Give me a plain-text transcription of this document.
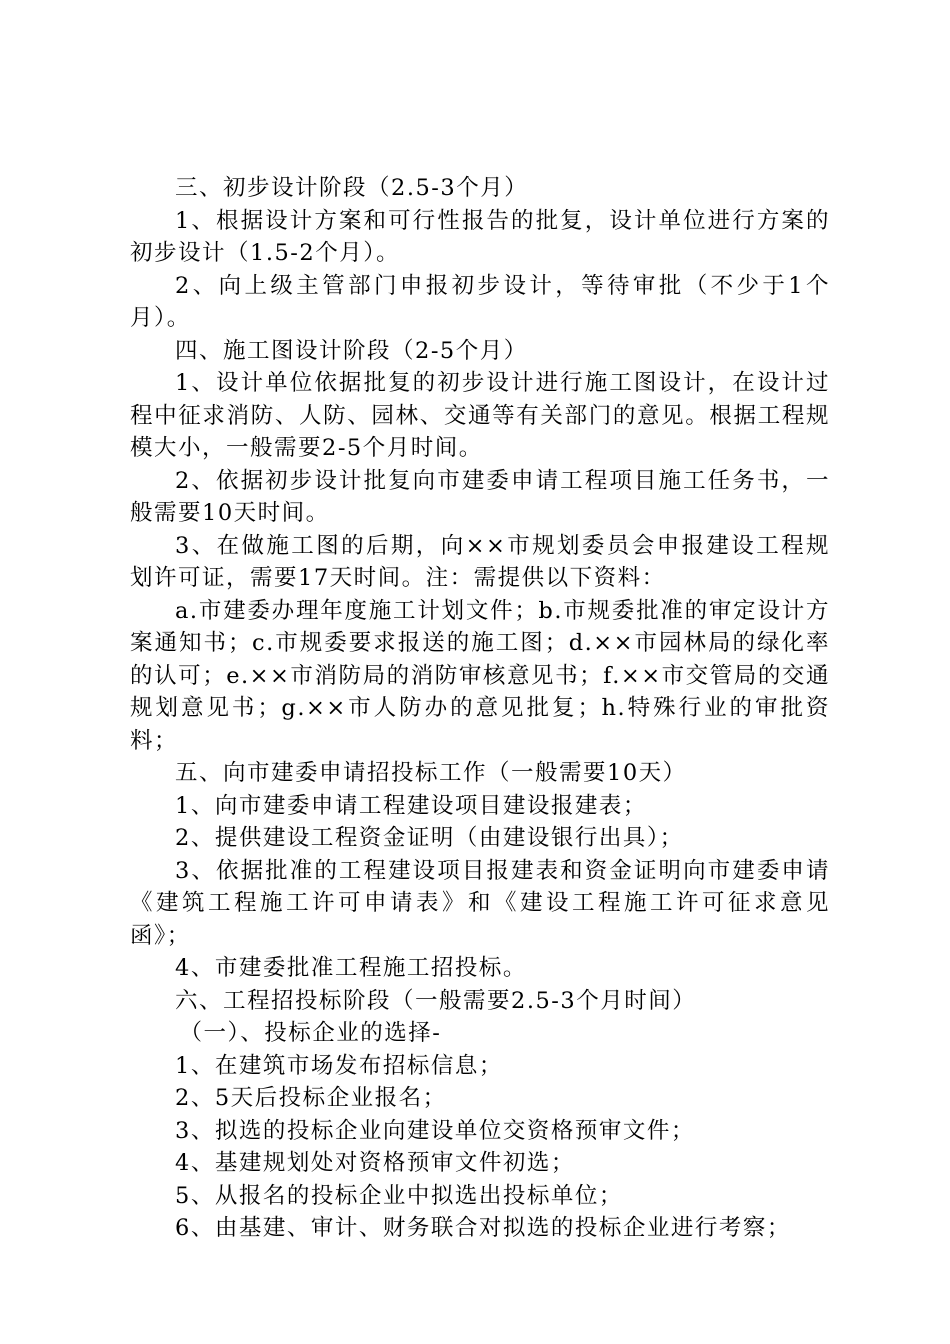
三、初步设计阶段（2.5-3个月）

1、根据设计方案和可行性报告的批复，设计单位进行方案的初步设计（1.5-2个月）。

2、向上级主管部门申报初步设计，等待审批（不少于1个月）。

四、施工图设计阶段（2-5个月）

1、设计单位依据批复的初步设计进行施工图设计，在设计过程中征求消防、人防、园林、交通等有关部门的意见。根据工程规模大小，一般需要2-5个月时间。

2、依据初步设计批复向市建委申请工程项目施工任务书，一般需要10天时间。

3、在做施工图的后期，向××市规划委员会申报建设工程规划许可证，需要17天时间。注：需提供以下资料：

a.市建委办理年度施工计划文件；b.市规委批准的审定设计方案通知书；c.市规委要求报送的施工图；d.××市园林局的绿化率的认可；e.××市消防局的消防审核意见书；f.××市交管局的交通规划意见书；g.××市人防办的意见批复；h.特殊行业的审批资料；

五、向市建委申请招投标工作（一般需要10天）

1、向市建委申请工程建设项目建设报建表；

2、提供建设工程资金证明（由建设银行出具）；

3、依据批准的工程建设项目报建表和资金证明向市建委申请《建筑工程施工许可申请表》和《建设工程施工许可征求意见函》；

4、市建委批准工程施工招投标。

六、工程招投标阶段（一般需要2.5-3个月时间）

（一）、投标企业的选择-

1、在建筑市场发布招标信息；

2、5天后投标企业报名；

3、拟选的投标企业向建设单位交资格预审文件；

4、基建规划处对资格预审文件初选；

5、从报名的投标企业中拟选出投标单位；

6、由基建、审计、财务联合对拟选的投标企业进行考察；
